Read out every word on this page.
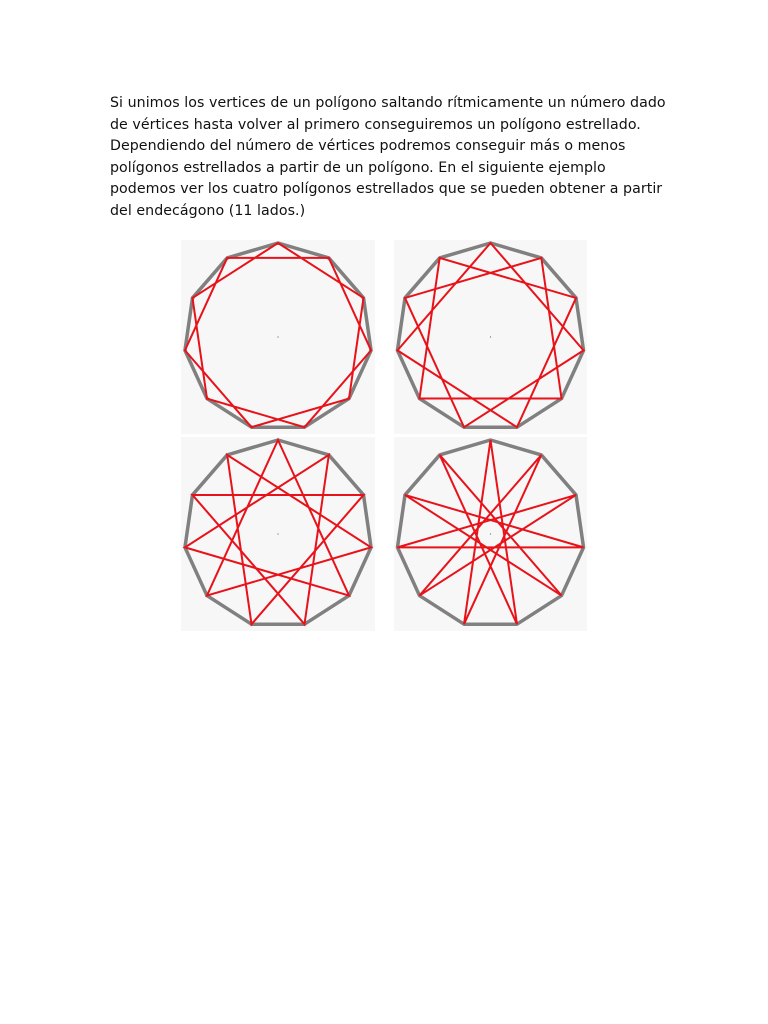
Si unimos los vertices de un polígono saltando rítmicamente un número dado
de vértices hasta volver al primero conseguiremos un polígono estrellado.
Dependiendo del número de vértices podremos conseguir más o menos
polígonos estrellados a partir de un polígono. En el siguiente ejemplo
podemos ver los cuatro polígonos estrellados que se pueden obtener a partir
del endecágono (11 lados.)
